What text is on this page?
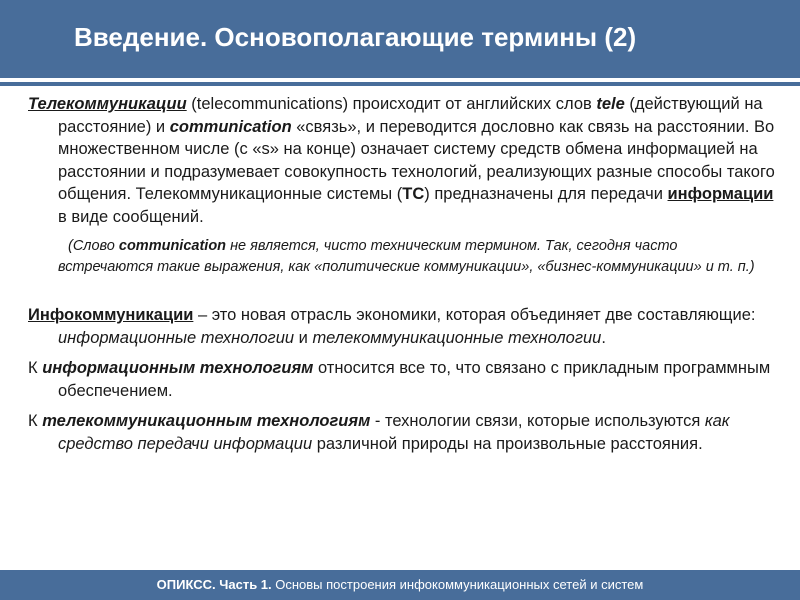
Введение. Основополагающие термины (2)

Телекоммуникации (telecommunications) происходит от английских слов tele (действующий на расстояние) и communication «связь», и переводится дословно как связь на расстоянии. Во множественном числе (с «s» на конце) означает систему средств обмена информацией на расстоянии и подразумевает совокупность технологий, реализующих разные способы такого общения. Телекоммуникационные системы (ТС) предназначены для передачи информации в виде сообщений.

(Слово communication не является, чисто техническим термином. Так, сегодня часто встречаются такие выражения, как «политические коммуникации», «бизнес-коммуникации» и т. п.)

Инфокоммуникации – это новая отрасль экономики, которая объединяет две составляющие: информационные технологии и телекоммуникационные технологии.

К информационным технологиям относится все то, что связано с прикладным программным обеспечением.

К телекоммуникационным технологиям - технологии связи, которые используются как средство передачи информации различной природы на произвольные расстояния.

ОПИКСС. Часть 1. Основы построения инфокоммуникационных сетей и систем
